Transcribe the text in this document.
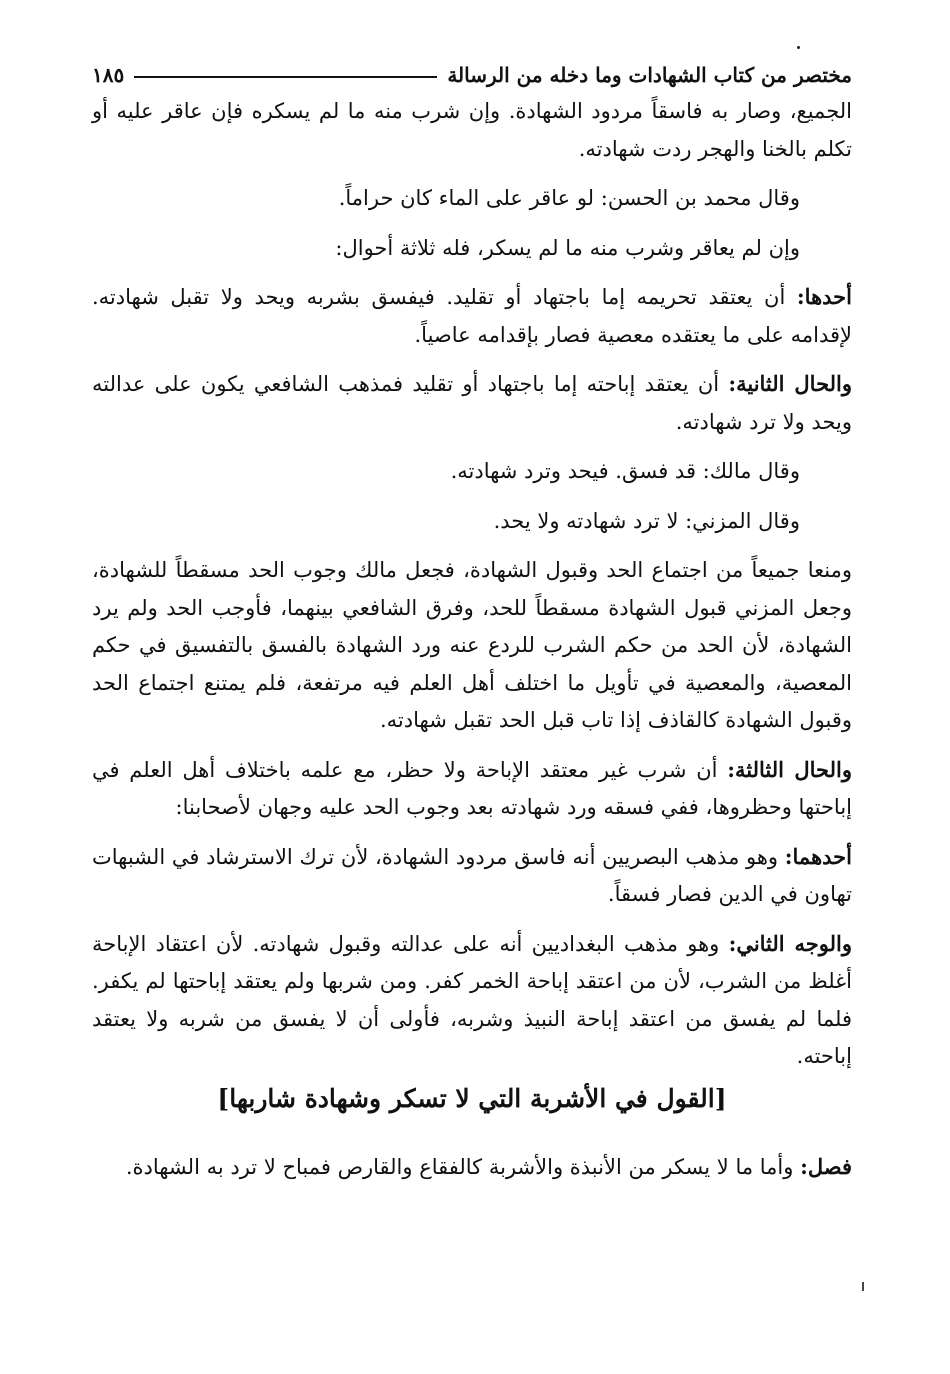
مختصر من كتاب الشهادات وما دخله من الرسالة
١٨٥

الجميع، وصار به فاسقاً مردود الشهادة. وإن شرب منه ما لم يسكره فإن عاقر عليه أو تكلم بالخنا والهجر ردت شهادته.

وقال محمد بن الحسن: لو عاقر على الماء كان حراماً.

وإن لم يعاقر وشرب منه ما لم يسكر، فله ثلاثة أحوال:

أحدها: أن يعتقد تحريمه إما باجتهاد أو تقليد. فيفسق بشربه ويحد ولا تقبل شهادته. لإقدامه على ما يعتقده معصية فصار بإقدامه عاصياً.

والحال الثانية: أن يعتقد إباحته إما باجتهاد أو تقليد فمذهب الشافعي يكون على عدالته ويحد ولا ترد شهادته.

وقال مالك: قد فسق. فيحد وترد شهادته.

وقال المزني: لا ترد شهادته ولا يحد.

ومنعا جميعاً من اجتماع الحد وقبول الشهادة، فجعل مالك وجوب الحد مسقطاً للشهادة، وجعل المزني قبول الشهادة مسقطاً للحد، وفرق الشافعي بينهما، فأوجب الحد ولم يرد الشهادة، لأن الحد من حكم الشرب للردع عنه ورد الشهادة بالفسق بالتفسيق في حكم المعصية، والمعصية في تأويل ما اختلف أهل العلم فيه مرتفعة، فلم يمتنع اجتماع الحد وقبول الشهادة كالقاذف إذا تاب قبل الحد تقبل شهادته.

والحال الثالثة: أن شرب غير معتقد الإباحة ولا حظر، مع علمه باختلاف أهل العلم في إباحتها وحظروها، ففي فسقه ورد شهادته بعد وجوب الحد عليه وجهان لأصحابنا:

أحدهما: وهو مذهب البصريين أنه فاسق مردود الشهادة، لأن ترك الاسترشاد في الشبهات تهاون في الدين فصار فسقاً.

والوجه الثاني: وهو مذهب البغداديين أنه على عدالته وقبول شهادته. لأن اعتقاد الإباحة أغلظ من الشرب، لأن من اعتقد إباحة الخمر كفر. ومن شربها ولم يعتقد إباحتها لم يكفر. فلما لم يفسق من اعتقد إباحة النبيذ وشربه، فأولى أن لا يفسق من شربه ولا يعتقد إباحته.

[القول في الأشربة التي لا تسكر وشهادة شاربها]

فصل: وأما ما لا يسكر من الأنبذة والأشربة كالفقاع والقارص فمباح لا ترد به الشهادة.
